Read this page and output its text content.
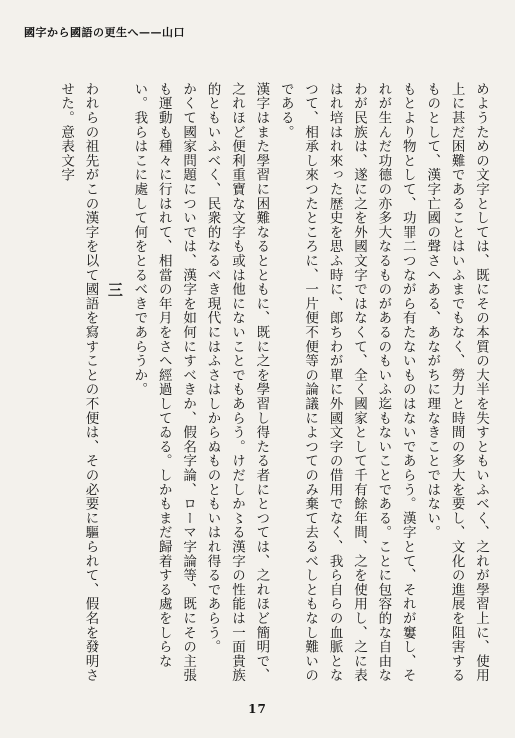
國字から國語の更生へ——山口

めようための文字としては、既にその本質の大半を失すともいふべく、之れが學習上に、使用上に甚だ困難であることはいふまでもなく、勞力と時間の多大を要し、文化の進展を阻害するものとして、漢字亡國の聲さへある、あながちに理なきことではない。

もとより物として、功罪二つながら有たないものはないであらう。漢字とて、それが窶し、それが生んだ功德の亦多大なるものがあるのもいふ迄もないことである。ことに包容的な自由なわが民族は、遂に之を外國文字ではなくて、全く國家として千有餘年間、之を使用し、之に表はれ培はれ來った歴史を思ふ時に、郎ちわが單に外國文字の借用でなく、我ら自らの血脈となつて、相承し來つたところに、一片便不便等の論議によつてのみ棄て去るべしともなし難いのである。

漢字はまた學習に困難なるとともに、既に之を學習し得たる者にとつては、之れほど簡明で、之れほど便利重寶な文字も或は他にないことでもあらう。けだしか〻る漢字の性能は一面貴族的ともいふべく、民衆的なるべき現代にはふさはしからぬものともいはれ得るであらう。

かくて國家問題についでは、漢字を如何にすべきか、假名字論、ローマ字論等、既にその主張も運動も種々に行はれて、相當の年月をさへ經過してゐる。しかもまだ歸着する處をしらない。我らはこに處して何をとるべきであらうか。

三

われらの祖先がこの漢字を以て國語を寫すことの不便は、その必要に驅られて、假名を發明させた。意表文字

17
